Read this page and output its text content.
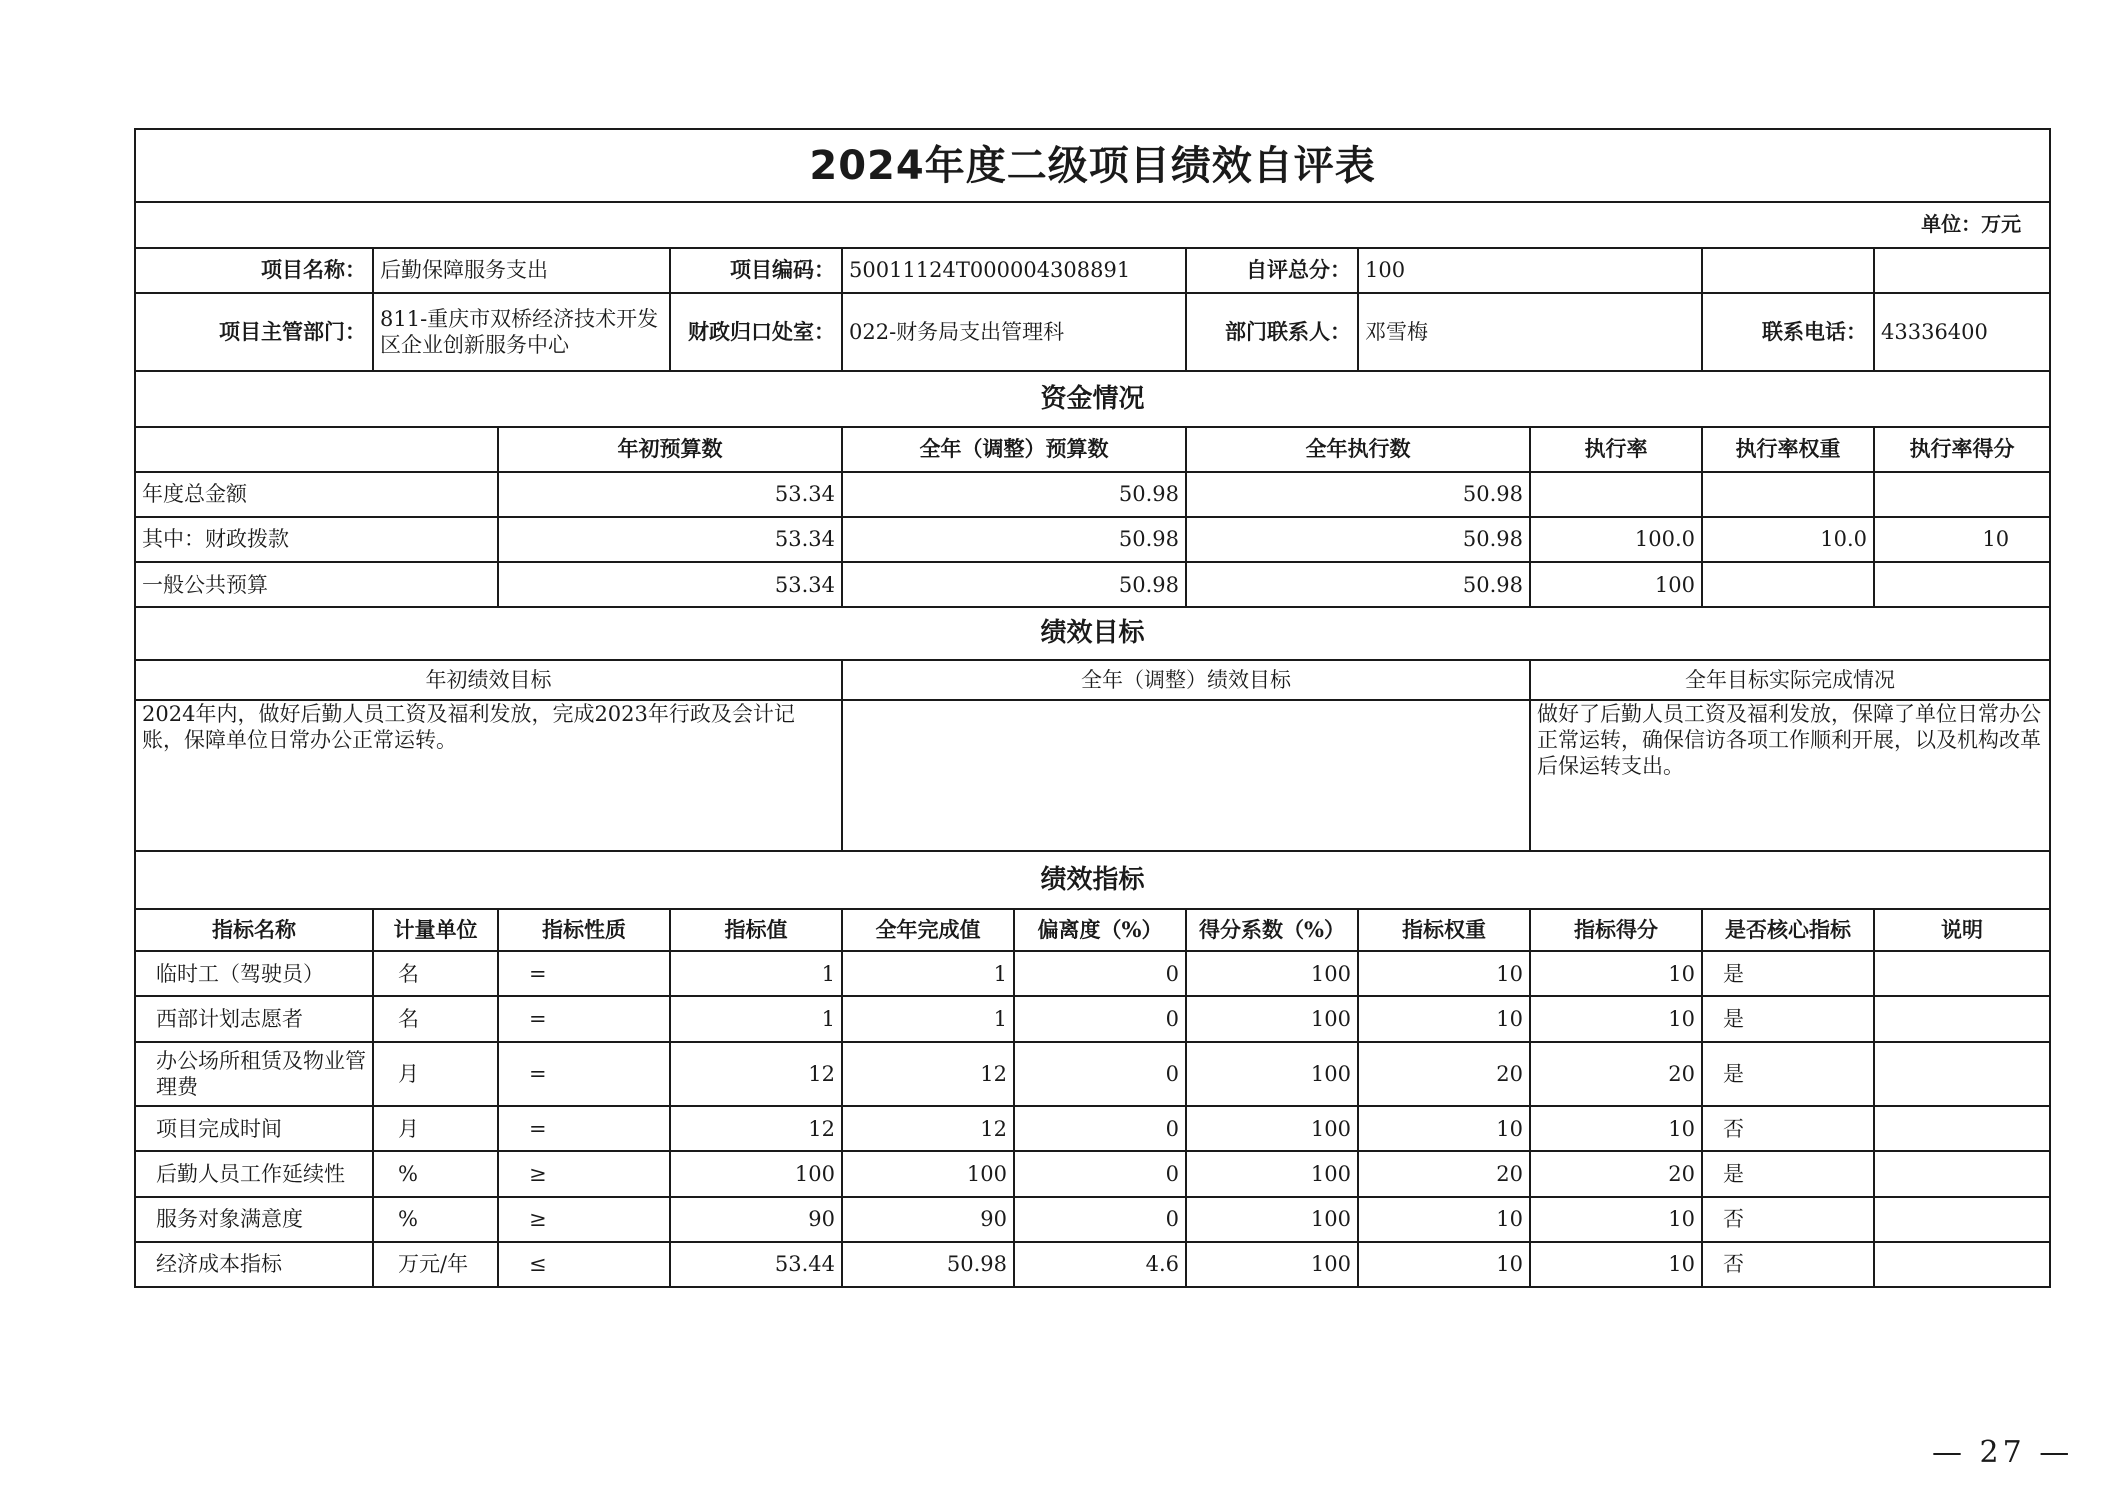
2024年度二级项目绩效自评表										
单位：万元										
项目名称：	后勤保障服务支出		项目编码：	50011124T000004308891		自评总分：	100			
项目主管部门：	811-重庆市双桥经济技术开发区企业创新服务中心		财政归口处室：	022-财务局支出管理科		部门联系人：	邓雪梅		联系电话：	43336400
资金情况										
		年初预算数		全年（调整）预算数		全年执行数		执行率	执行率权重	执行率得分
年度总金额		53.34		50.98		50.98				
其中：财政拨款		53.34		50.98		50.98		100.0	10.0	10
一般公共预算		53.34		50.98		50.98		100		
绩效目标										
年初绩效目标				全年（调整）绩效目标				全年目标实际完成情况		
2024年内，做好后勤人员工资及福利发放，完成2023年行政及会计记账，保障单位日常办公正常运转。								做好了后勤人员工资及福利发放，保障了单位日常办公正常运转，确保信访各项工作顺利开展，以及机构改革后保运转支出。		
绩效指标										
指标名称	计量单位	指标性质	指标值	全年完成值	偏离度（%）	得分系数（%）	指标权重	指标得分	是否核心指标	说明
临时工（驾驶员）	名	=	1	1	0	100	10	10	是	
西部计划志愿者	名	=	1	1	0	100	10	10	是	
办公场所租赁及物业管理费	月	=	12	12	0	100	20	20	是	
项目完成时间	月	=	12	12	0	100	10	10	否	
后勤人员工作延续性	%	≥	100	100	0	100	20	20	是	
服务对象满意度	%	≥	90	90	0	100	10	10	否	
经济成本指标	万元/年	≤	53.44	50.98	4.6	100	10	10	否	
— 27 —
